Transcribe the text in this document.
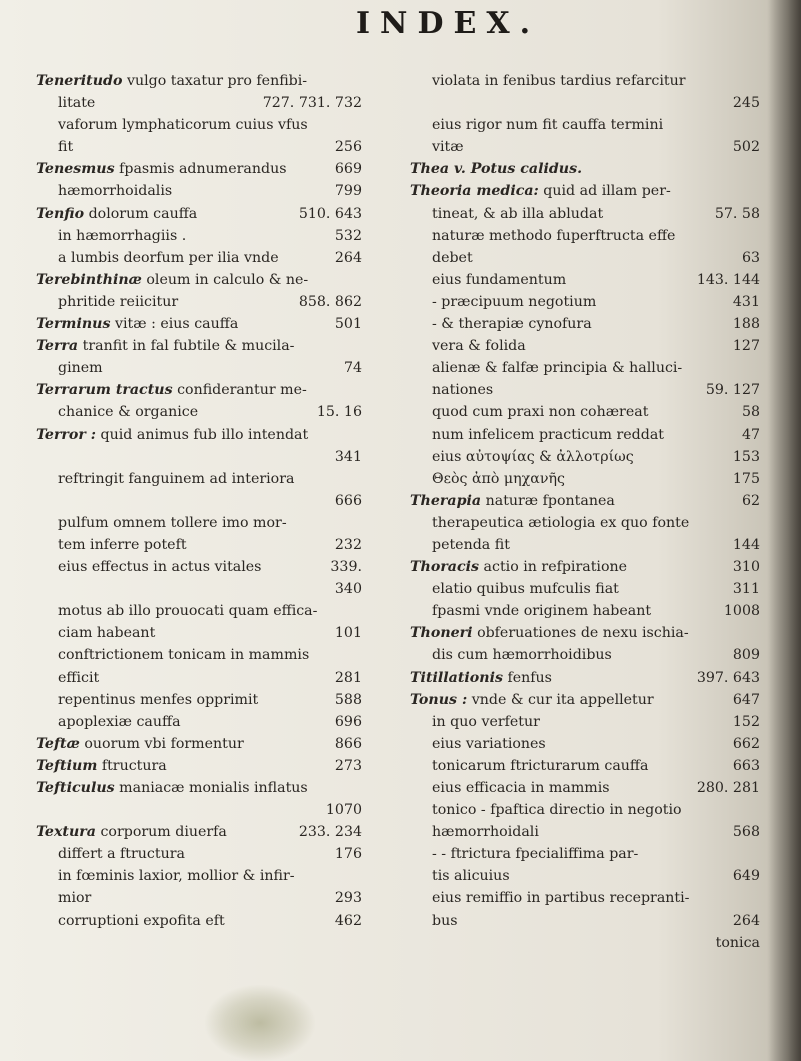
INDEX.
Teneritudo vulgo taxatur pro fenfibi-
litate	727. 731. 732
vaforum lymphaticorum cuius vfus
fit	256
Tenesmus fpasmis adnumerandus	669
hæmorrhoidalis	799
Tenfio dolorum cauffa	510. 643
in hæmorrhagiis .	532
a lumbis deorfum per ilia vnde	264
Terebinthinæ oleum in calculo & ne-
phritide reiicitur	858. 862
Terminus vitæ : eius cauffa	501
Terra tranfit in fal fubtile & mucila-
ginem	74
Terrarum tractus confiderantur me-
chanice & organice	15. 16
Terror : quid animus fub illo intendat
341
reftringit fanguinem ad interiora
666
pulfum omnem tollere imo mor-
tem inferre poteft	232
eius effectus in actus vitales	339.
340
motus ab illo prouocati quam effica-
ciam habeant	101
conftrictionem tonicam in mammis
efficit	281
repentinus menfes opprimit	588
apoplexiæ cauffa	696
Teftæ ouorum vbi formentur	866
Teftium ftructura	273
Tefticulus maniacæ monialis inflatus
1070
Textura corporum diuerfa	233. 234
differt a ftructura	176
in fœminis laxior, mollior & infir-
mior	293
corruptioni expofita eft	462
violata in fenibus tardius refarcitur
245
eius rigor num fit cauffa termini
vitæ	502
Thea v. Potus calidus.
Theoria medica: quid ad illam per-
tineat, & ab illa abludat	57. 58
naturæ methodo fuperftructa effe
debet	63
eius fundamentum	143. 144
- præcipuum negotium	431
- & therapiæ cynofura	188
vera & folida	127
alienæ & falfæ principia & halluci-
nationes	59. 127
quod cum praxi non cohæreat	58
num infelicem practicum reddat	47
eius αὐτοψίας & ἀλλοτρίως	153
Θεὸς ἀπὸ μηχανῆς	175
Therapia naturæ fpontanea	62
therapeutica ætiologia ex quo fonte
petenda fit	144
Thoracis actio in refpiratione	310
elatio quibus mufculis fiat	311
fpasmi vnde originem habeant	1008
Thoneri obferuationes de nexu ischia-
dis cum hæmorrhoidibus	809
Titillationis fenfus	397. 643
Tonus : vnde & cur ita appelletur	647
in quo verfetur	152
eius variationes	662
tonicarum ftricturarum cauffa	663
eius efficacia in mammis	280. 281
tonico - fpaftica directio in negotio
hæmorrhoidali	568
- - ftrictura fpecialiffima par-
tis alicuius	649
eius remiffio in partibus recepranti-
bus	264
tonica
